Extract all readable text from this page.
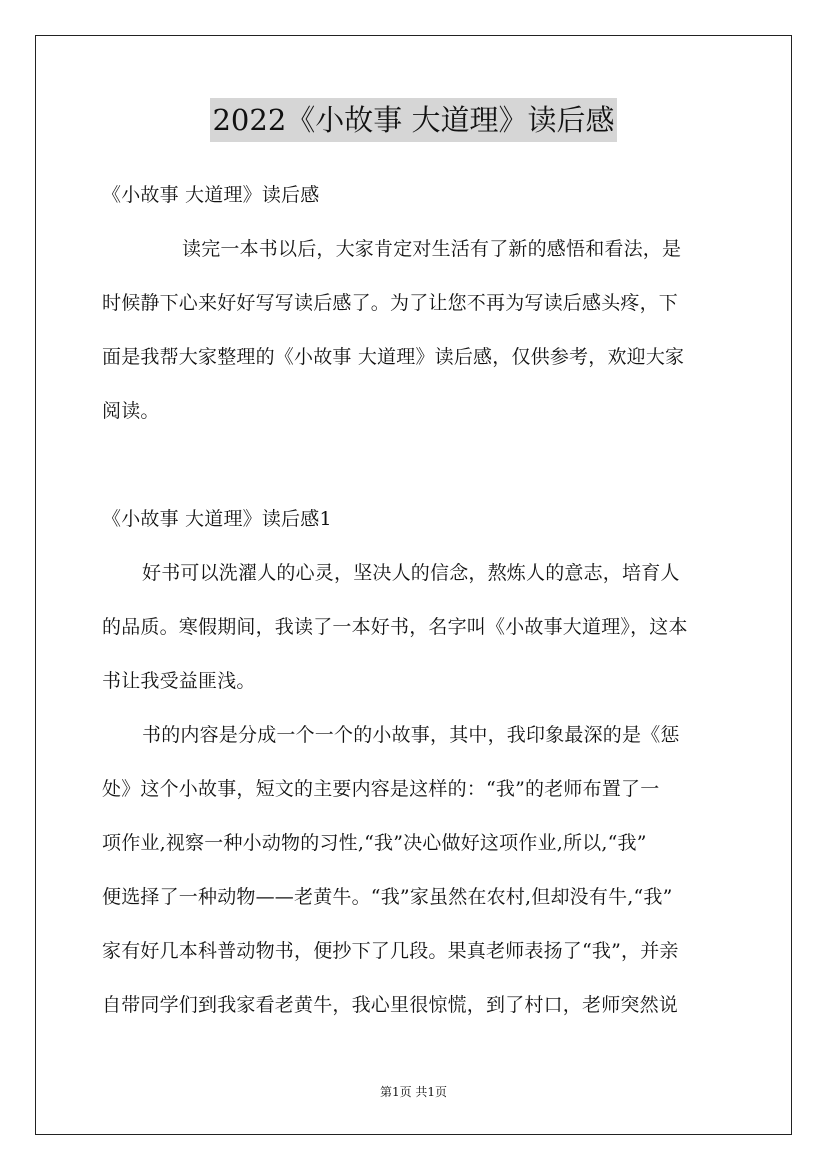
2022《小故事 大道理》读后感
《小故事 大道理》读后感
读完一本书以后，大家肯定对生活有了新的感悟和看法，是
时候静下心来好好写写读后感了。为了让您不再为写读后感头疼，下
面是我帮大家整理的《小故事 大道理》读后感，仅供参考，欢迎大家
阅读。
《小故事 大道理》读后感1
好书可以洗濯人的心灵，坚决人的信念，熬炼人的意志，培育人
的品质。寒假期间，我读了一本好书，名字叫《小故事大道理》，这本
书让我受益匪浅。
书的内容是分成一个一个的小故事，其中，我印象最深的是《惩
处》这个小故事，短文的主要内容是这样的：“我”的老师布置了一
项作业,视察一种小动物的习性,“我”决心做好这项作业,所以,“我”
便选择了一种动物——老黄牛。“我”家虽然在农村,但却没有牛,“我”
家有好几本科普动物书，便抄下了几段。果真老师表扬了“我”，并亲
自带同学们到我家看老黄牛，我心里很惊慌，到了村口，老师突然说
第1页 共1页
